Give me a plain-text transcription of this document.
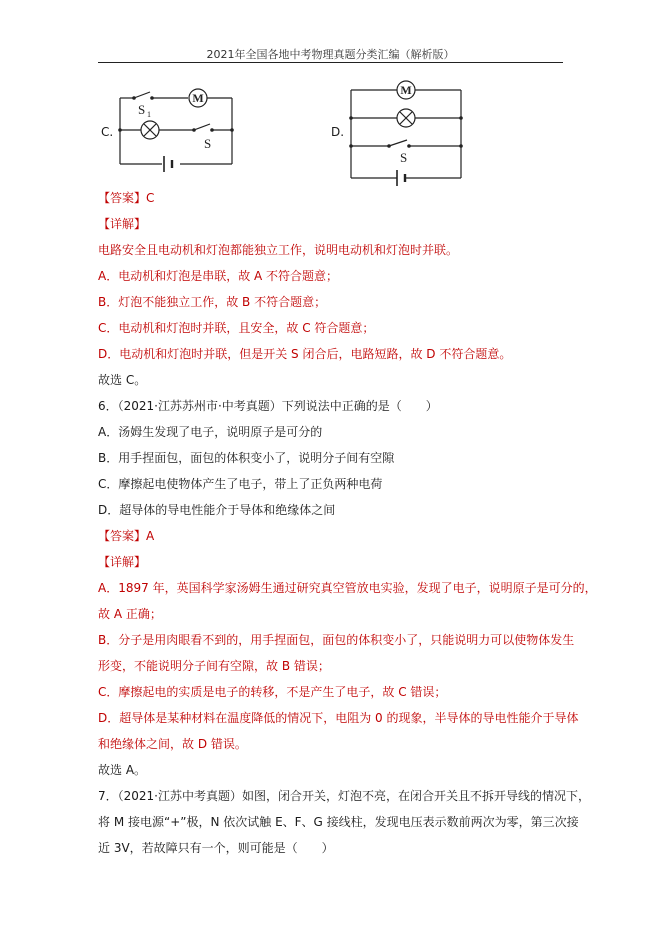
2021年全国各地中考物理真题分类汇编（解析版）
C.
M
S 1
S
D.
M
S
【答案】C
【详解】
电路安全且电动机和灯泡都能独立工作，说明电动机和灯泡时并联。
A．电动机和灯泡是串联，故 A 不符合题意；
B．灯泡不能独立工作，故 B 不符合题意；
C．电动机和灯泡时并联，且安全，故 C 符合题意；
D．电动机和灯泡时并联，但是开关 S 闭合后，电路短路，故 D 不符合题意。
故选 C。
6．（2021·江苏苏州市·中考真题）下列说法中正确的是（　　）
A．汤姆生发现了电子，说明原子是可分的
B．用手捏面包，面包的体积变小了，说明分子间有空隙
C．摩擦起电使物体产生了电子，带上了正负两种电荷
D．超导体的导电性能介于导体和绝缘体之间
【答案】A
【详解】
A．1897 年，英国科学家汤姆生通过研究真空管放电实验，发现了电子，说明原子是可分的，
故 A 正确；
B．分子是用肉眼看不到的，用手捏面包，面包的体积变小了，只能说明力可以使物体发生
形变，不能说明分子间有空隙，故 B 错误；
C．摩擦起电的实质是电子的转移，不是产生了电子，故 C 错误；
D．超导体是某种材料在温度降低的情况下，电阻为 0 的现象，半导体的导电性能介于导体
和绝缘体之间，故 D 错误。
故选 A。
7．（2021·江苏中考真题）如图，闭合开关，灯泡不亮，在闭合开关且不拆开导线的情况下，
将 M 接电源“+”极，N 依次试触 E、F、G 接线柱，发现电压表示数前两次为零，第三次接
近 3V，若故障只有一个，则可能是（　　）
